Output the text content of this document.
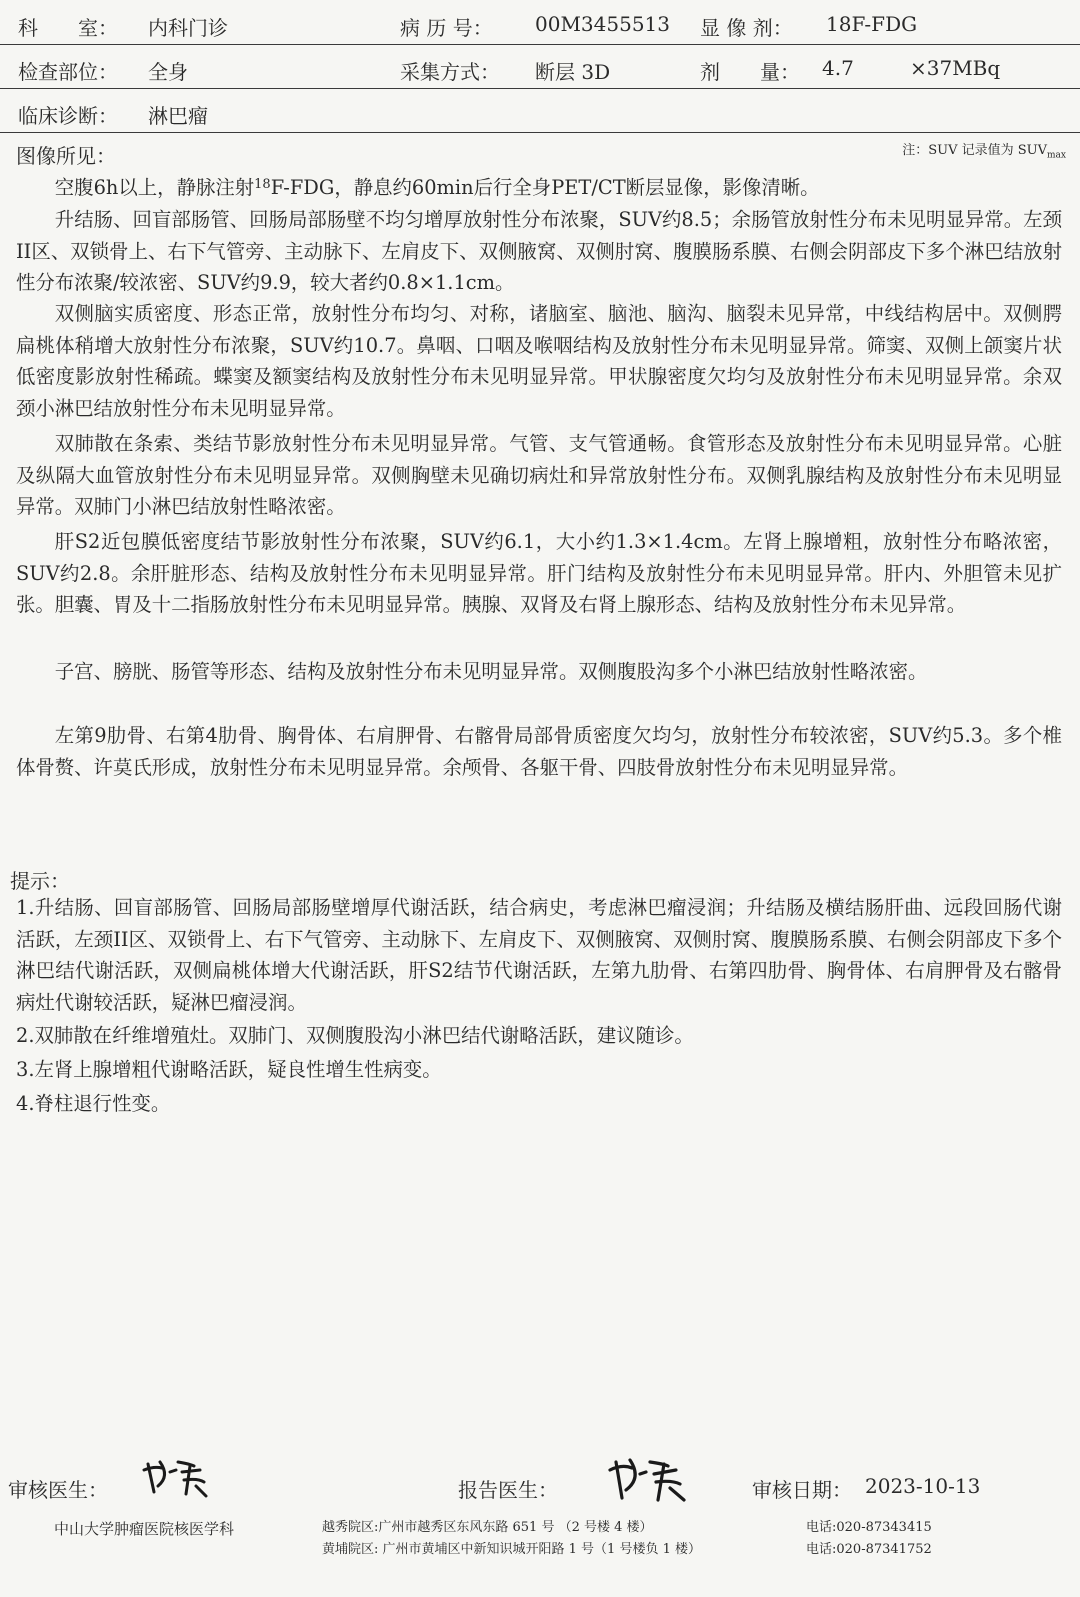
科　　室： 内科门诊	病 历 号： 00M3455513 显 像 剂： 18F-FDG
检查部位： 全身	采集方式： 断层 3D	剂　　量： 4.7	×37MBq
临床诊断： 淋巴瘤
图像所见：	注：SUV 记录值为 $SUV_{max}$

空腹6h以上，静脉注射$^{18}$F-FDG，静息约60min后行全身PET/CT断层显像，影像清晰。

升结肠、回盲部肠管、回肠局部肠壁不均匀增厚放射性分布浓聚，SUV约8.5；余肠管放射性分布未见明显异常。左颈II区、双锁骨上、右下气管旁、主动脉下、左肩皮下、双侧腋窝、双侧肘窝、腹膜肠系膜、右侧会阴部皮下多个淋巴结放射性分布浓聚/较浓密、SUV约9.9，较大者约0.8×1.1cm。

双侧脑实质密度、形态正常，放射性分布均匀、对称，诸脑室、脑池、脑沟、脑裂未见异常，中线结构居中。双侧腭扁桃体稍增大放射性分布浓聚，SUV约10.7。鼻咽、口咽及喉咽结构及放射性分布未见明显异常。筛窦、双侧上颌窦片状低密度影放射性稀疏。蝶窦及额窦结构及放射性分布未见明显异常。甲状腺密度欠均匀及放射性分布未见明显异常。余双颈小淋巴结放射性分布未见明显异常。

双肺散在条索、类结节影放射性分布未见明显异常。气管、支气管通畅。食管形态及放射性分布未见明显异常。心脏及纵隔大血管放射性分布未见明显异常。双侧胸壁未见确切病灶和异常放射性分布。双侧乳腺结构及放射性分布未见明显异常。双肺门小淋巴结放射性略浓密。

肝S2近包膜低密度结节影放射性分布浓聚，SUV约6.1，大小约1.3×1.4cm。左肾上腺增粗，放射性分布略浓密，SUV约2.8。余肝脏形态、结构及放射性分布未见明显异常。肝门结构及放射性分布未见明显异常。肝内、外胆管未见扩张。胆囊、胃及十二指肠放射性分布未见明显异常。胰腺、双肾及右肾上腺形态、结构及放射性分布未见异常。

子宫、膀胱、肠管等形态、结构及放射性分布未见明显异常。双侧腹股沟多个小淋巴结放射性略浓密。

左第9肋骨、右第4肋骨、胸骨体、右肩胛骨、右髂骨局部骨质密度欠均匀，放射性分布较浓密，SUV约5.3。多个椎体骨赘、许莫氏形成，放射性分布未见明显异常。余颅骨、各躯干骨、四肢骨放射性分布未见明显异常。

提示：

1.升结肠、回盲部肠管、回肠局部肠壁增厚代谢活跃，结合病史，考虑淋巴瘤浸润；升结肠及横结肠肝曲、远段回肠代谢活跃，左颈II区、双锁骨上、右下气管旁、主动脉下、左肩皮下、双侧腋窝、双侧肘窝、腹膜肠系膜、右侧会阴部皮下多个淋巴结代谢活跃，双侧扁桃体增大代谢活跃，肝S2结节代谢活跃，左第九肋骨、右第四肋骨、胸骨体、右肩胛骨及右髂骨病灶代谢较活跃，疑淋巴瘤浸润。

2.双肺散在纤维增殖灶。双肺门、双侧腹股沟小淋巴结代谢略活跃，建议随诊。

3.左肾上腺增粗代谢略活跃，疑良性增生性病变。

4.脊柱退行性变。

审核医生：	报告医生：	审核日期： 2023-10-13
中山大学肿瘤医院核医学科	越秀院区:广州市越秀区东风东路 651 号 （2 号楼 4 楼）
黄埔院区: 广州市黄埔区中新知识城开阳路 1 号（1 号楼负 1 楼）
电话:020-87343415
电话:020-87341752
